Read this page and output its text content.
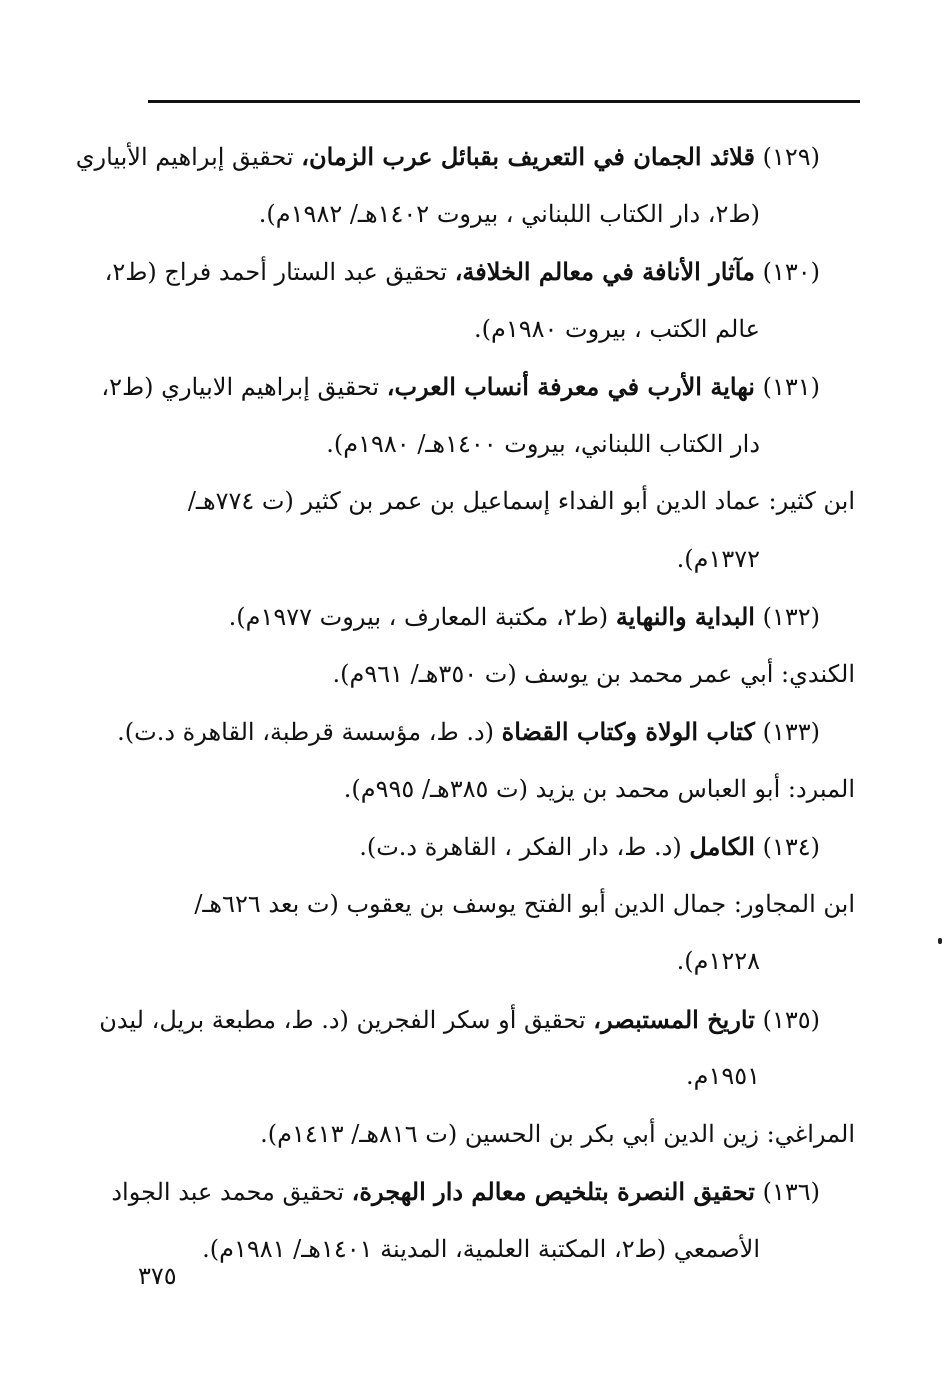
(١٢٩) قلائد الجمان في التعريف بقبائل عرب الزمان، تحقيق إبراهيم الأبياري
(ط٢، دار الكتاب اللبناني ، بيروت ١٤٠٢هـ/ ١٩٨٢م).
(١٣٠) مآثار الأنافة في معالم الخلافة، تحقيق عبد الستار أحمد فراج (ط٢،
عالم الكتب ، بيروت ١٩٨٠م).
(١٣١) نهاية الأرب في معرفة أنساب العرب، تحقيق إبراهيم الابياري (ط٢،
دار الكتاب اللبناني، بيروت ١٤٠٠هـ/ ١٩٨٠م).
ابن كثير: عماد الدين أبو الفداء إسماعيل بن عمر بن كثير (ت ٧٧٤هـ/
١٣٧٢م).
(١٣٢) البداية والنهاية (ط٢، مكتبة المعارف ، بيروت ١٩٧٧م).
الكندي: أبي عمر محمد بن يوسف (ت ٣٥٠هـ/ ٩٦١م).
(١٣٣) كتاب الولاة وكتاب القضاة (د. ط، مؤسسة قرطبة، القاهرة د.ت).
المبرد: أبو العباس محمد بن يزيد (ت ٣٨٥هـ/ ٩٩٥م).
(١٣٤) الكامل (د. ط، دار الفكر ، القاهرة د.ت).
ابن المجاور: جمال الدين أبو الفتح يوسف بن يعقوب (ت بعد ٦٢٦هـ/
١٢٢٨م).
(١٣٥) تاريخ المستبصر، تحقيق أو سكر الفجرين (د. ط، مطبعة بريل، ليدن
١٩٥١م.
المراغي: زين الدين أبي بكر بن الحسين (ت ٨١٦هـ/ ١٤١٣م).
(١٣٦) تحقيق النصرة بتلخيص معالم دار الهجرة، تحقيق محمد عبد الجواد
الأصمعي (ط٢، المكتبة العلمية، المدينة ١٤٠١هـ/ ١٩٨١م).
٣٧٥
